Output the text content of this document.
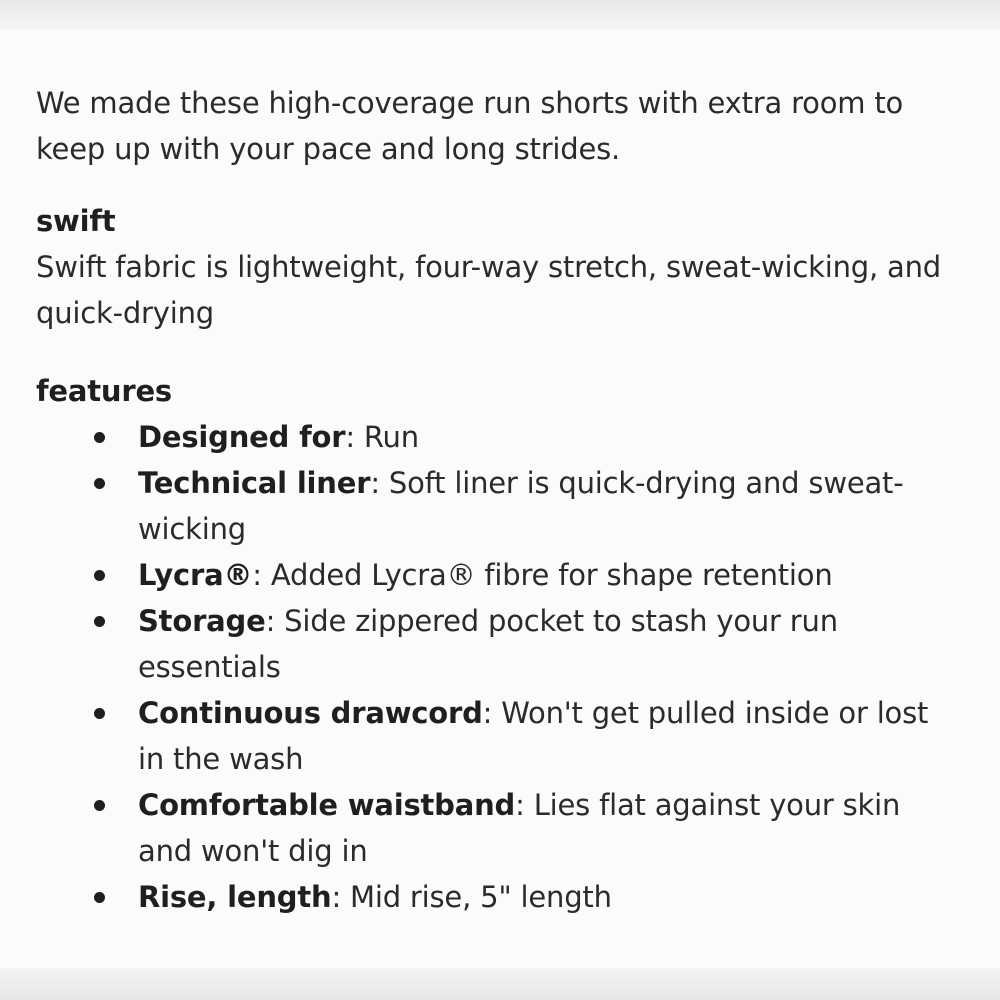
We made these high-coverage run shorts with extra room to keep up with your pace and long strides.

swift

Swift fabric is lightweight, four-way stretch, sweat-wicking, and quick-drying

features

Designed for: Run
Technical liner: Soft liner is quick-drying and sweat-wicking
Lycra®: Added Lycra® fibre for shape retention
Storage: Side zippered pocket to stash your run essentials
Continuous drawcord: Won't get pulled inside or lost in the wash
Comfortable waistband: Lies flat against your skin and won't dig in
Rise, length: Mid rise, 5" length
